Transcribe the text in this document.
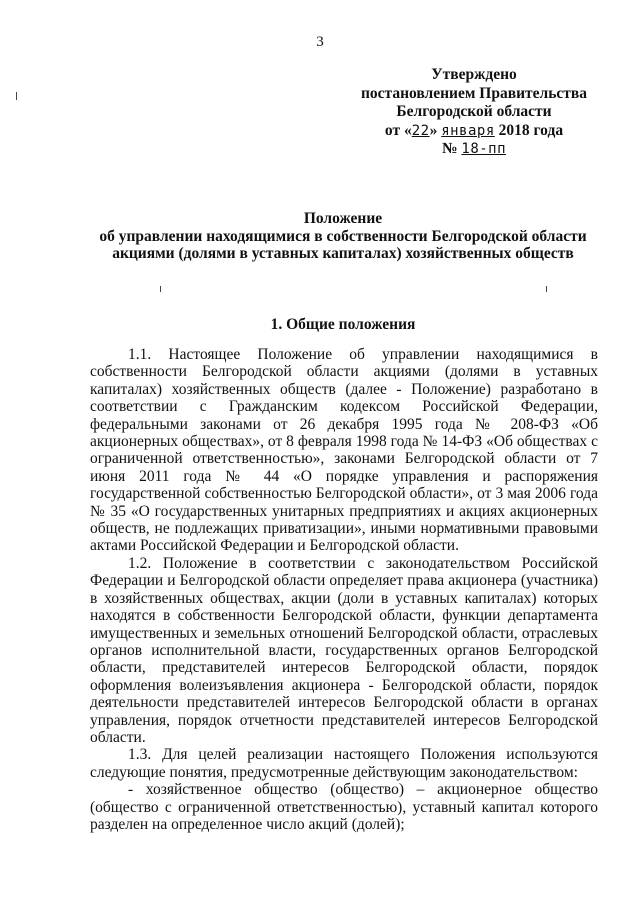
3
Утверждено
постановлением Правительства
Белгородской области
от «22» января 2018 года
№ 18-пп
Положение
об управлении находящимися в собственности Белгородской области
акциями (долями в уставных капиталах) хозяйственных обществ
1. Общие положения

1.1. Настоящее Положение об управлении находящимися в собственности Белгородской области акциями (долями в уставных капиталах) хозяйственных обществ (далее - Положение) разработано в соответствии с Гражданским кодексом Российской Федерации, федеральными законами от 26 декабря 1995 года № 208-ФЗ «Об акционерных обществах», от 8 февраля 1998 года № 14-ФЗ «Об обществах с ограниченной ответственностью», законами Белгородской области от 7 июня 2011 года № 44 «О порядке управления и распоряжения государственной собственностью Белгородской области», от 3 мая 2006 года № 35 «О государственных унитарных предприятиях и акциях акционерных обществ, не подлежащих приватизации», иными нормативными правовыми актами Российской Федерации и Белгородской области.

1.2. Положение в соответствии с законодательством Российской Федерации и Белгородской области определяет права акционера (участника) в хозяйственных обществах, акции (доли в уставных капиталах) которых находятся в собственности Белгородской области, функции департамента имущественных и земельных отношений Белгородской области, отраслевых органов исполнительной власти, государственных органов Белгородской области, представителей интересов Белгородской области, порядок оформления волеизъявления акционера - Белгородской области, порядок деятельности представителей интересов Белгородской области в органах управления, порядок отчетности представителей интересов Белгородской области.

1.3. Для целей реализации настоящего Положения используются следующие понятия, предусмотренные действующим законодательством:

- хозяйственное общество (общество) – акционерное общество (общество с ограниченной ответственностью), уставный капитал которого разделен на определенное число акций (долей);
